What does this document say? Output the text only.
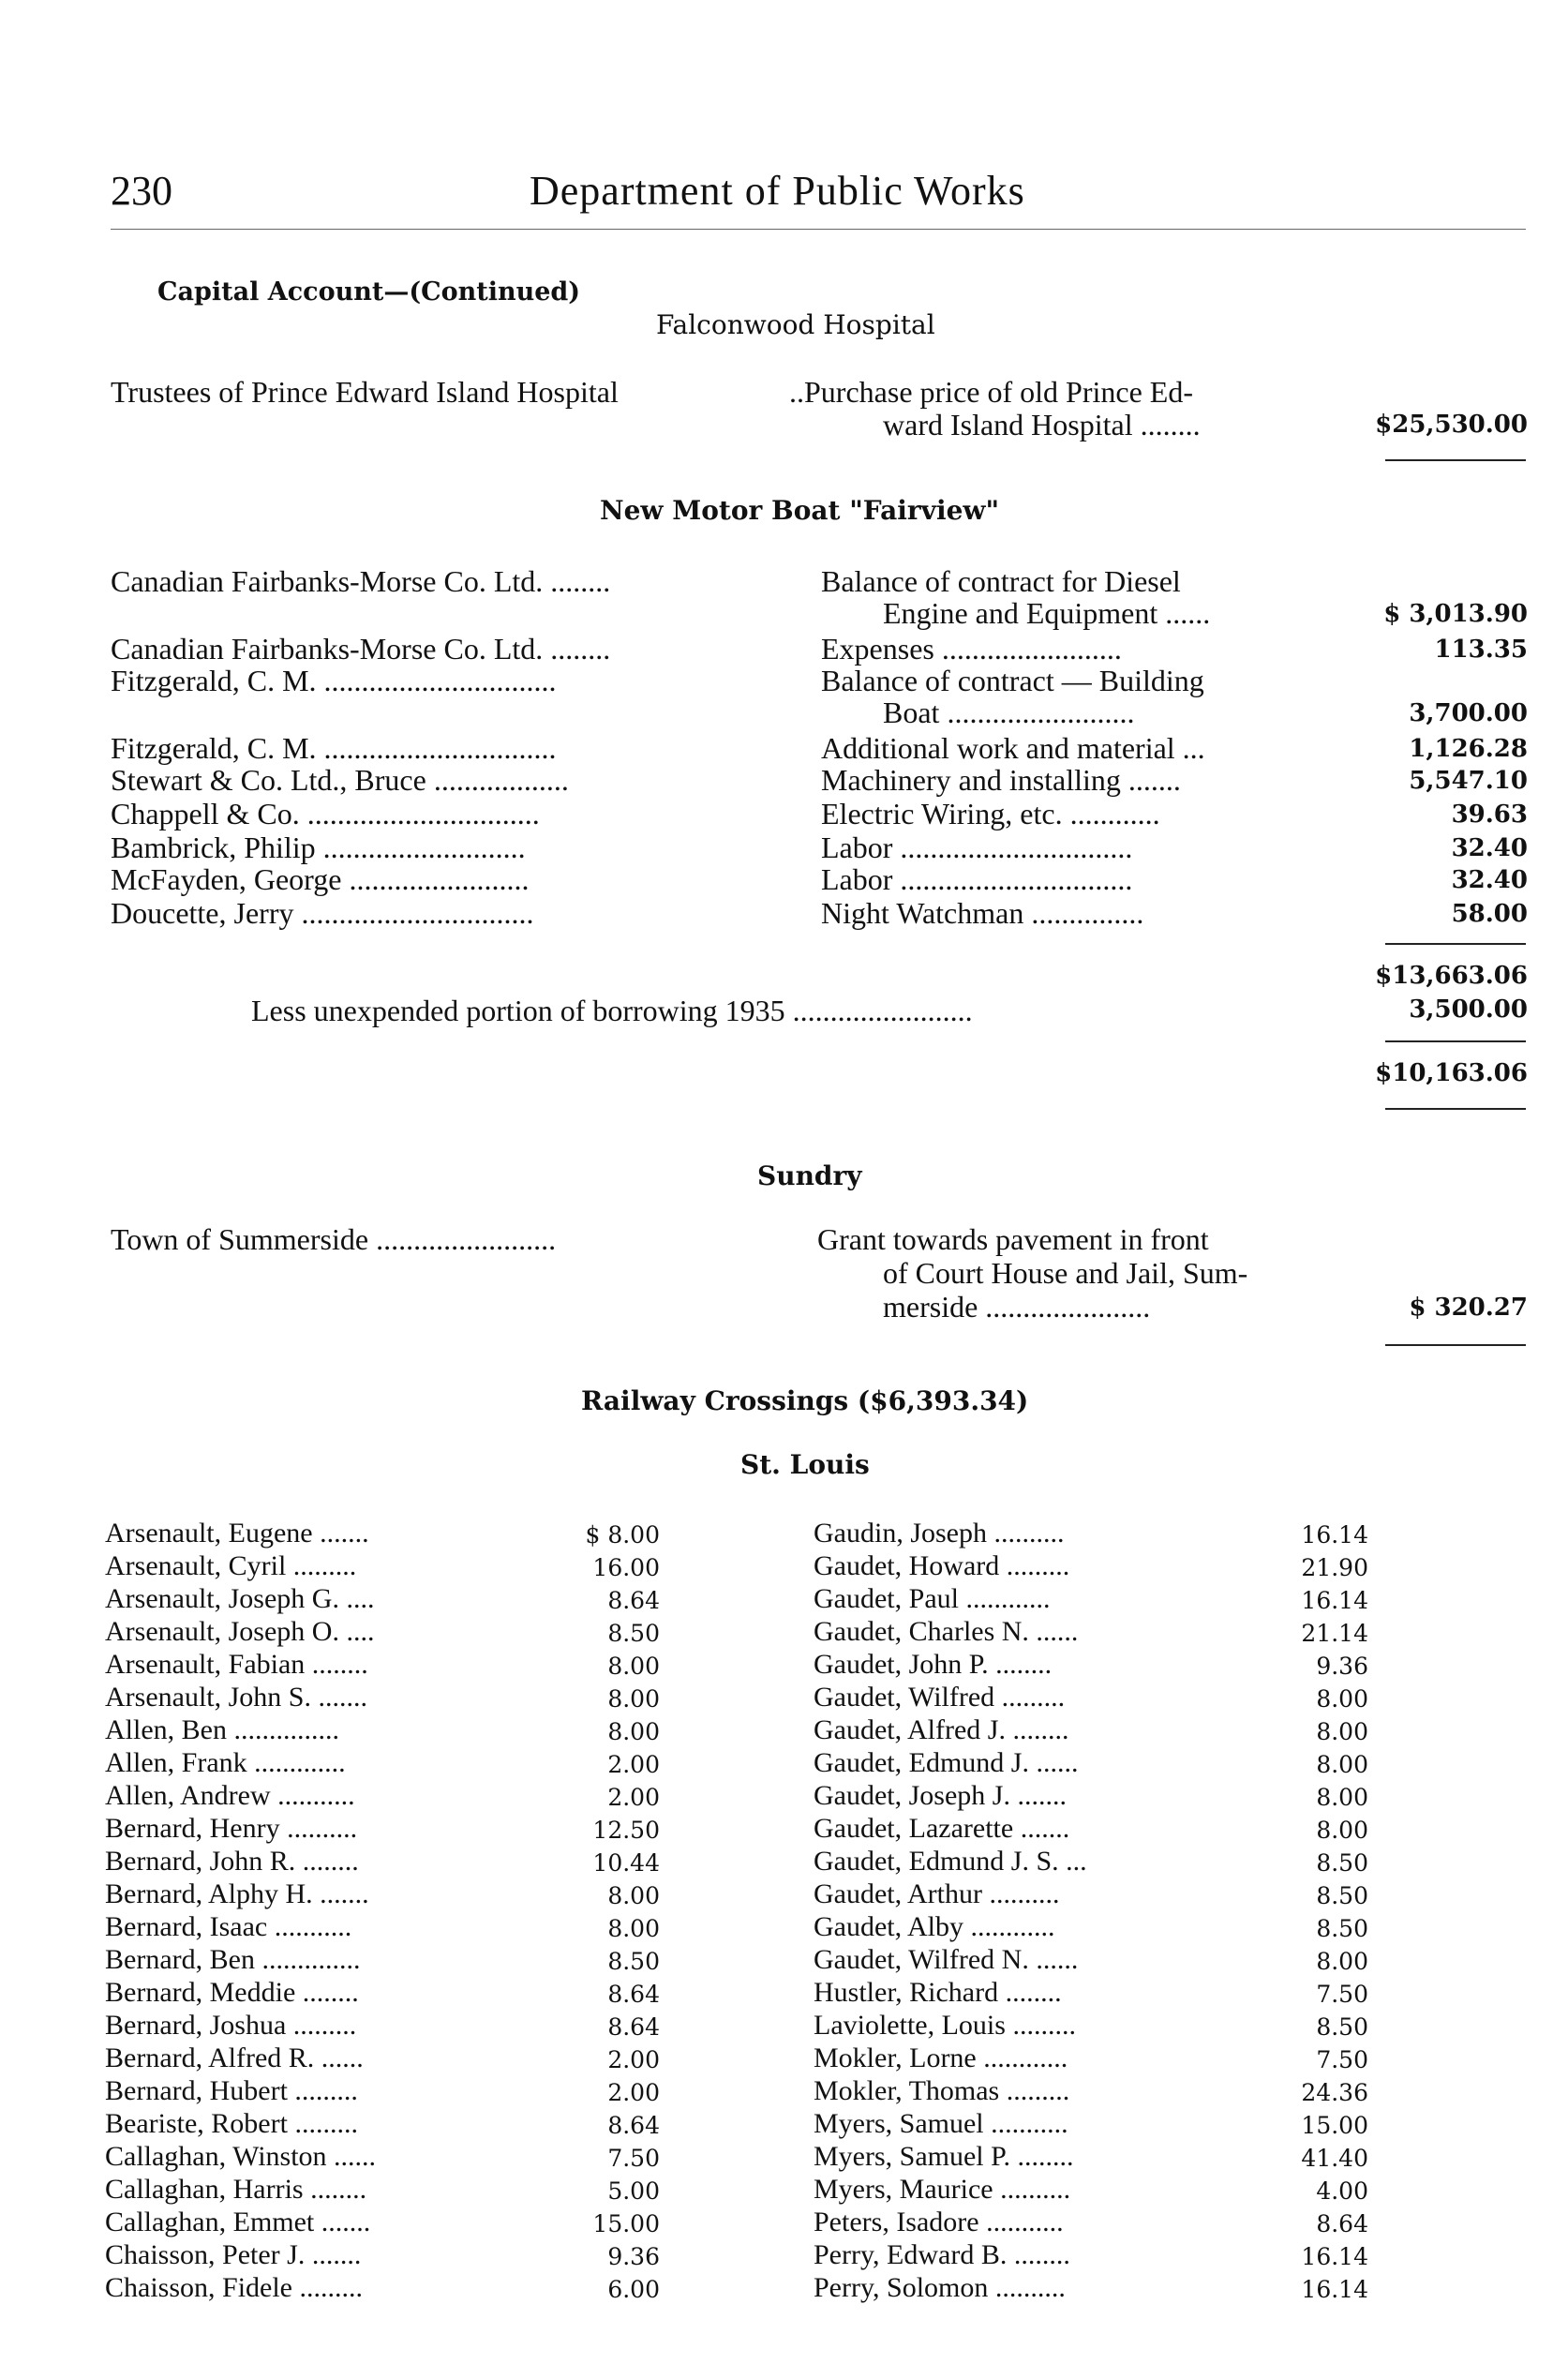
230	Department of Public Works
Capital Account—(Continued)
Falconwood Hospital
Trustees of Prince Edward Island Hospital	..Purchase price of old Prince Ed-
ward Island Hospital ........	$25,530.00
New Motor Boat "Fairview"
Canadian Fairbanks-Morse Co. Ltd. ........	Balance of contract for Diesel
Engine and Equipment ......	$ 3,013.90
Canadian Fairbanks-Morse Co. Ltd. ........	Expenses ........................	113.35
Fitzgerald, C. M. ...............................	Balance of contract — Building
Boat .........................	3,700.00
Fitzgerald, C. M. ...............................	Additional work and material ...	1,126.28
Stewart & Co. Ltd., Bruce ..................	Machinery and installing .......	5,547.10
Chappell & Co. ...............................	Electric Wiring, etc. ............	39.63
Bambrick, Philip ...........................	Labor ...............................	32.40
McFayden, George ........................	Labor ...............................	32.40
Doucette, Jerry ...............................	Night Watchman ...............	58.00
$13,663.06
Less unexpended portion of borrowing 1935 ........................	3,500.00
$10,163.06
Sundry
Town of Summerside ........................	Grant towards pavement in front
of Court House and Jail, Sum-
merside ......................	$ 320.27
Railway Crossings ($6,393.34)
St. Louis
Arsenault, Eugene .......	$ 8.00
Arsenault, Cyril .........	16.00
Arsenault, Joseph G. ....	8.64
Arsenault, Joseph O. ....	8.50
Arsenault, Fabian ........	8.00
Arsenault, John S. .......	8.00
Allen, Ben ...............	8.00
Allen, Frank .............	2.00
Allen, Andrew ...........	2.00
Bernard, Henry ..........	12.50
Bernard, John R. ........	10.44
Bernard, Alphy H. .......	8.00
Bernard, Isaac ...........	8.00
Bernard, Ben ..............	8.50
Bernard, Meddie ........	8.64
Bernard, Joshua .........	8.64
Bernard, Alfred R. ......	2.00
Bernard, Hubert .........	2.00
Beariste, Robert .........	8.64
Callaghan, Winston ......	7.50
Callaghan, Harris ........	5.00
Callaghan, Emmet .......	15.00
Chaisson, Peter J. .......	9.36
Chaisson, Fidele .........	6.00
Gaudin, Joseph ..........	16.14
Gaudet, Howard .........	21.90
Gaudet, Paul ............	16.14
Gaudet, Charles N. ......	21.14
Gaudet, John P. ........	9.36
Gaudet, Wilfred .........	8.00
Gaudet, Alfred J. ........	8.00
Gaudet, Edmund J. ......	8.00
Gaudet, Joseph J. .......	8.00
Gaudet, Lazarette .......	8.00
Gaudet, Edmund J. S. ...	8.50
Gaudet, Arthur ..........	8.50
Gaudet, Alby ............	8.50
Gaudet, Wilfred N. ......	8.00
Hustler, Richard ........	7.50
Laviolette, Louis .........	8.50
Mokler, Lorne ............	7.50
Mokler, Thomas .........	24.36
Myers, Samuel ...........	15.00
Myers, Samuel P. ........	41.40
Myers, Maurice ..........	4.00
Peters, Isadore ...........	8.64
Perry, Edward B. ........	16.14
Perry, Solomon ..........	16.14
